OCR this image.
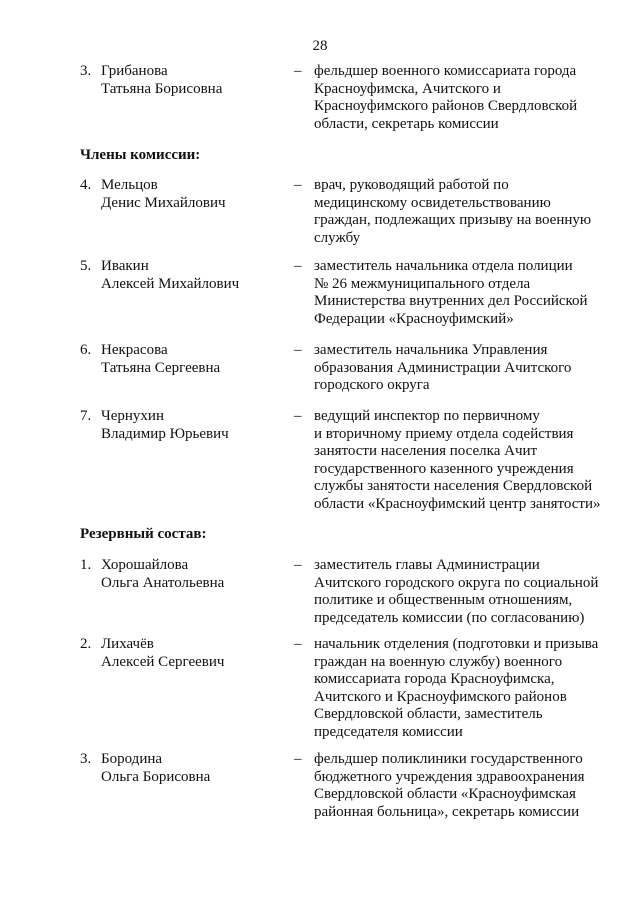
28
3. Грибанова
Татьяна Борисовна
– фельдшер военного комиссариата города
Красноуфимска, Ачитского и
Красноуфимского районов Свердловской
области, секретарь комиссии
Члены комиссии:
4. Мельцов
Денис Михайлович
– врач, руководящий работой по
медицинскому освидетельствованию
граждан, подлежащих призыву на военную
службу
5. Ивакин
Алексей Михайлович
– заместитель начальника отдела полиции
№ 26 межмуниципального отдела
Министерства внутренних дел Российской
Федерации «Красноуфимский»
6. Некрасова
Татьяна Сергеевна
– заместитель начальника Управления
образования Администрации Ачитского
городского округа
7. Чернухин
Владимир Юрьевич
– ведущий инспектор по первичному
и вторичному приему отдела содействия
занятости населения поселка Ачит
государственного казенного учреждения
службы занятости населения Свердловской
области «Красноуфимский центр занятости»
Резервный состав:
1. Хорошайлова
Ольга Анатольевна
– заместитель главы Администрации
Ачитского городского округа по социальной
политике и общественным отношениям,
председатель комиссии (по согласованию)
2. Лихачёв
Алексей Сергеевич
– начальник отделения (подготовки и призыва
граждан на военную службу) военного
комиссариата города Красноуфимска,
Ачитского и Красноуфимского районов
Свердловской области, заместитель
председателя комиссии
3. Бородина
Ольга Борисовна
– фельдшер поликлиники государственного
бюджетного учреждения здравоохранения
Свердловской области «Красноуфимская
районная больница», секретарь комиссии
